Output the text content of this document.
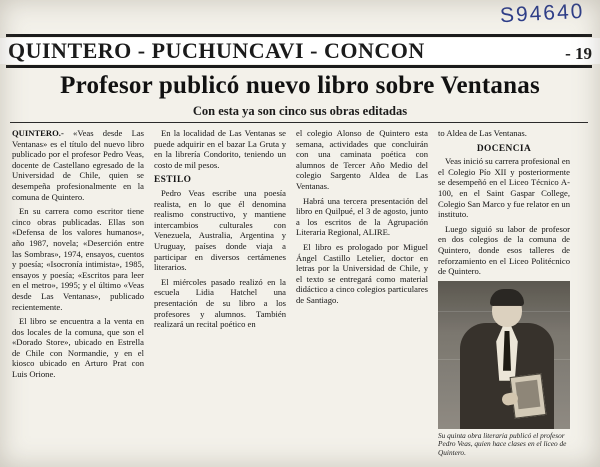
S94640
QUINTERO - PUCHUNCAVI - CONCON	- 19
Profesor publicó nuevo libro sobre Ventanas
Con esta ya son cinco sus obras editadas

QUINTERO.- «Veas desde Las Ventanas» es el título del nuevo libro publicado por el profesor Pedro Veas, docente de Castellano egresado de la Universidad de Chile, quien se desempeña profesionalmente en la comuna de Quintero.

En su carrera como escritor tiene cinco obras publicadas. Ellas son «Defensa de los valores humanos», año 1987, novela; «Deserción entre las Sombras», 1974, ensayos, cuentos y poesía; «Isocronía intimista», 1985, ensayos y poesía; «Escritos para leer en el metro», 1995; y el último «Veas desde Las Ventanas», publicado recientemente.

El libro se encuentra a la venta en dos locales de la comuna, que son el «Dorado Store», ubicado en Estrella de Chile con Normandie, y en el kiosco ubicado en Arturo Prat con Luis Orione.

En la localidad de Las Ventanas se puede adquirir en el bazar La Gruta y en la librería Condorito, teniendo un costo de mil pesos.

ESTILO

Pedro Veas escribe una poesía realista, en lo que él denomina realismo constructivo, y mantiene intercambios culturales con Venezuela, Australia, Argentina y Uruguay, países donde viaja a participar en diversos certámenes literarios.

El miércoles pasado realizó en la escuela Lidia Hatchel una presentación de su libro a los profesores y alumnos. También realizará un recital poético en

el colegio Alonso de Quintero esta semana, actividades que concluirán con una caminata poética con alumnos de Tercer Año Medio del colegio Sargento Aldea de Las Ventanas.

Habrá una tercera presentación del libro en Quilpué, el 3 de agosto, junto a los escritos de la Agrupación Literaria Regional, ALIRE.

El libro es prologado por Miguel Ángel Castillo Letelier, doctor en letras por la Universidad de Chile, y el texto se entregará como material didáctico a cinco colegios particulares de Santiago.

to Aldea de Las Ventanas.

DOCENCIA

Veas inició su carrera profesional en el Colegio Pío XII y posteriormente se desempeñó en el Liceo Técnico A-100, en el Saint Gaspar College, Colegio San Marco y fue relator en un instituto.

Luego siguió su labor de profesor en dos colegios de la comuna de Quintero, donde esos talleres de reforzamiento en el Liceo Politécnico de Quintero.

Su quinta obra literaria publicó el profesor Pedro Veas, quien hace clases en el liceo de Quintero.
